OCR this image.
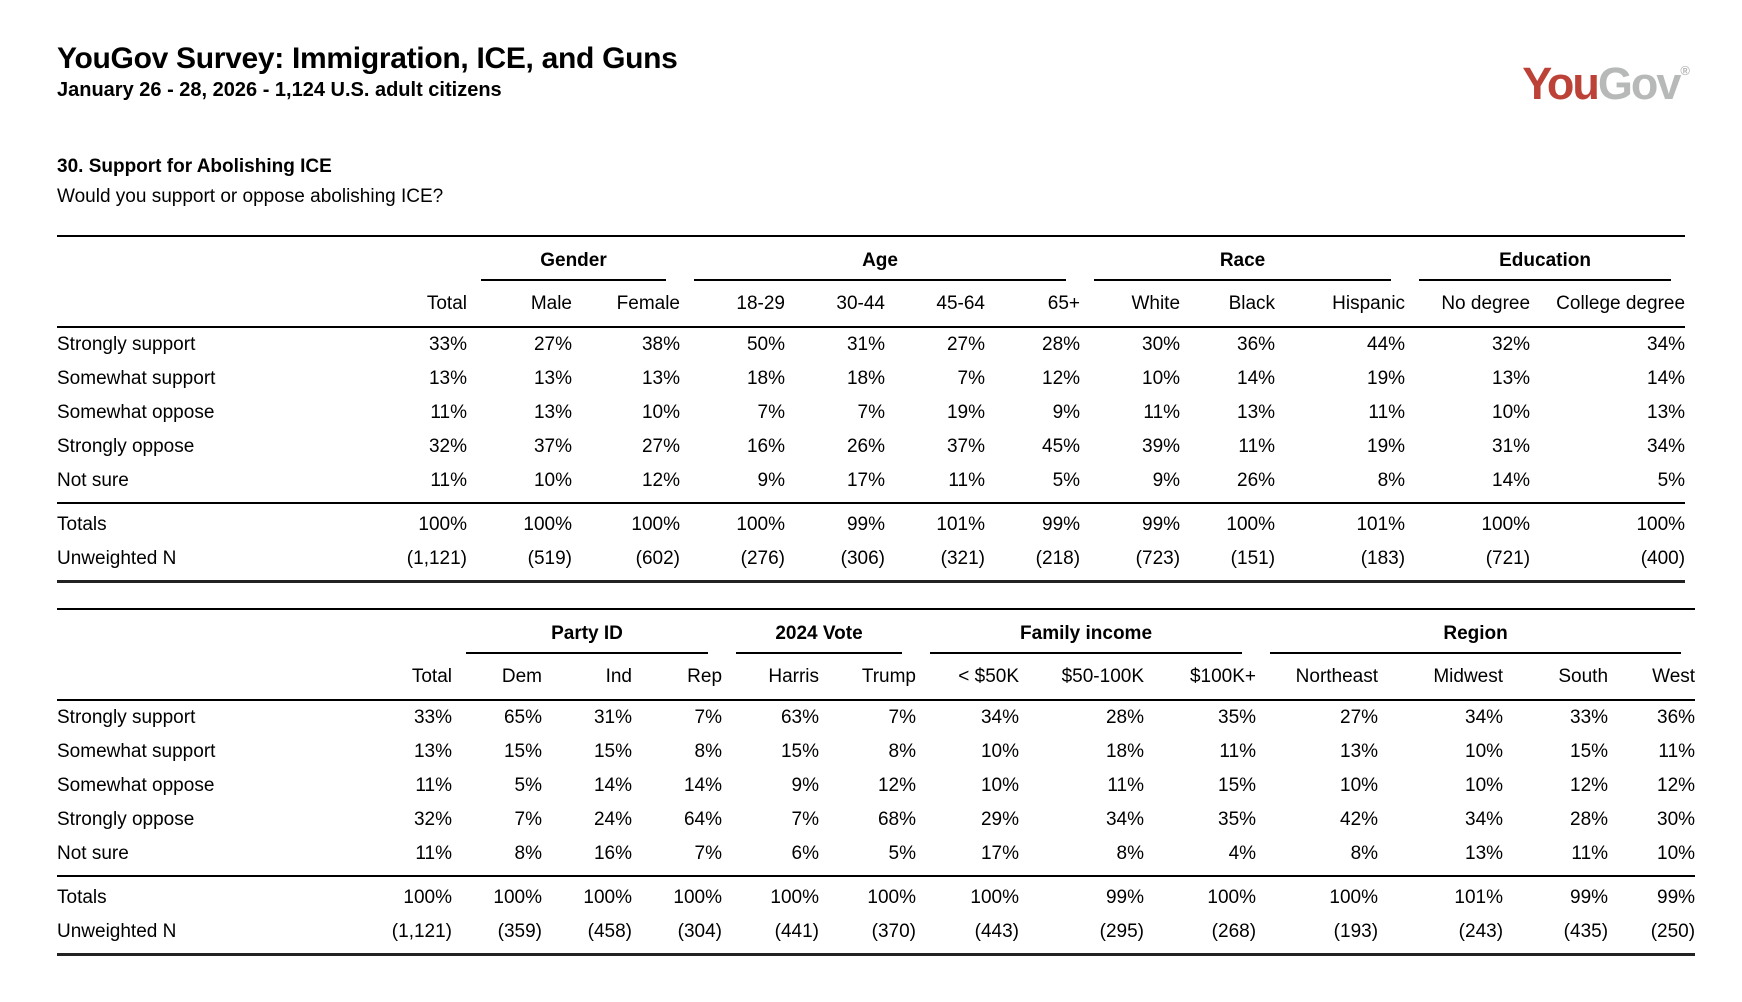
YouGov Survey: Immigration, ICE, and Guns
January 26 - 28, 2026 - 1,124 U.S. adult citizens	YouGov®
30. Support for Abolishing ICE
Would you support or oppose abolishing ICE?

		Gender		Age				Race			Education	

	Total	Male	Female	18-29	30-44	45-64	65+	White	Black	Hispanic	No degree	College degree
Strongly support	33%	27%	38%	50%	31%	27%	28%	30%	36%	44%	32%	34%
Somewhat support	13%	13%	13%	18%	18%	7%	12%	10%	14%	19%	13%	14%
Somewhat oppose	11%	13%	10%	7%	7%	19%	9%	11%	13%	11%	10%	13%
Strongly oppose	32%	37%	27%	16%	26%	37%	45%	39%	11%	19%	31%	34%
Not sure	11%	10%	12%	9%	17%	11%	5%	9%	26%	8%	14%	5%
Totals	100%	100%	100%	100%	99%	101%	99%	99%	100%	101%	100%	100%
Unweighted N	(1,121)	(519)	(602)	(276)	(306)	(321)	(218)	(723)	(151)	(183)	(721)	(400)

		Party ID			2024 Vote		Family income			Region			

	Total	Dem	Ind	Rep	Harris	Trump	< $50K	$50-100K	$100K+	Northeast	Midwest	South	West
Strongly support	33%	65%	31%	7%	63%	7%	34%	28%	35%	27%	34%	33%	36%
Somewhat support	13%	15%	15%	8%	15%	8%	10%	18%	11%	13%	10%	15%	11%
Somewhat oppose	11%	5%	14%	14%	9%	12%	10%	11%	15%	10%	10%	12%	12%
Strongly oppose	32%	7%	24%	64%	7%	68%	29%	34%	35%	42%	34%	28%	30%
Not sure	11%	8%	16%	7%	6%	5%	17%	8%	4%	8%	13%	11%	10%
Totals	100%	100%	100%	100%	100%	100%	100%	99%	100%	100%	101%	99%	99%
Unweighted N	(1,121)	(359)	(458)	(304)	(441)	(370)	(443)	(295)	(268)	(193)	(243)	(435)	(250)
